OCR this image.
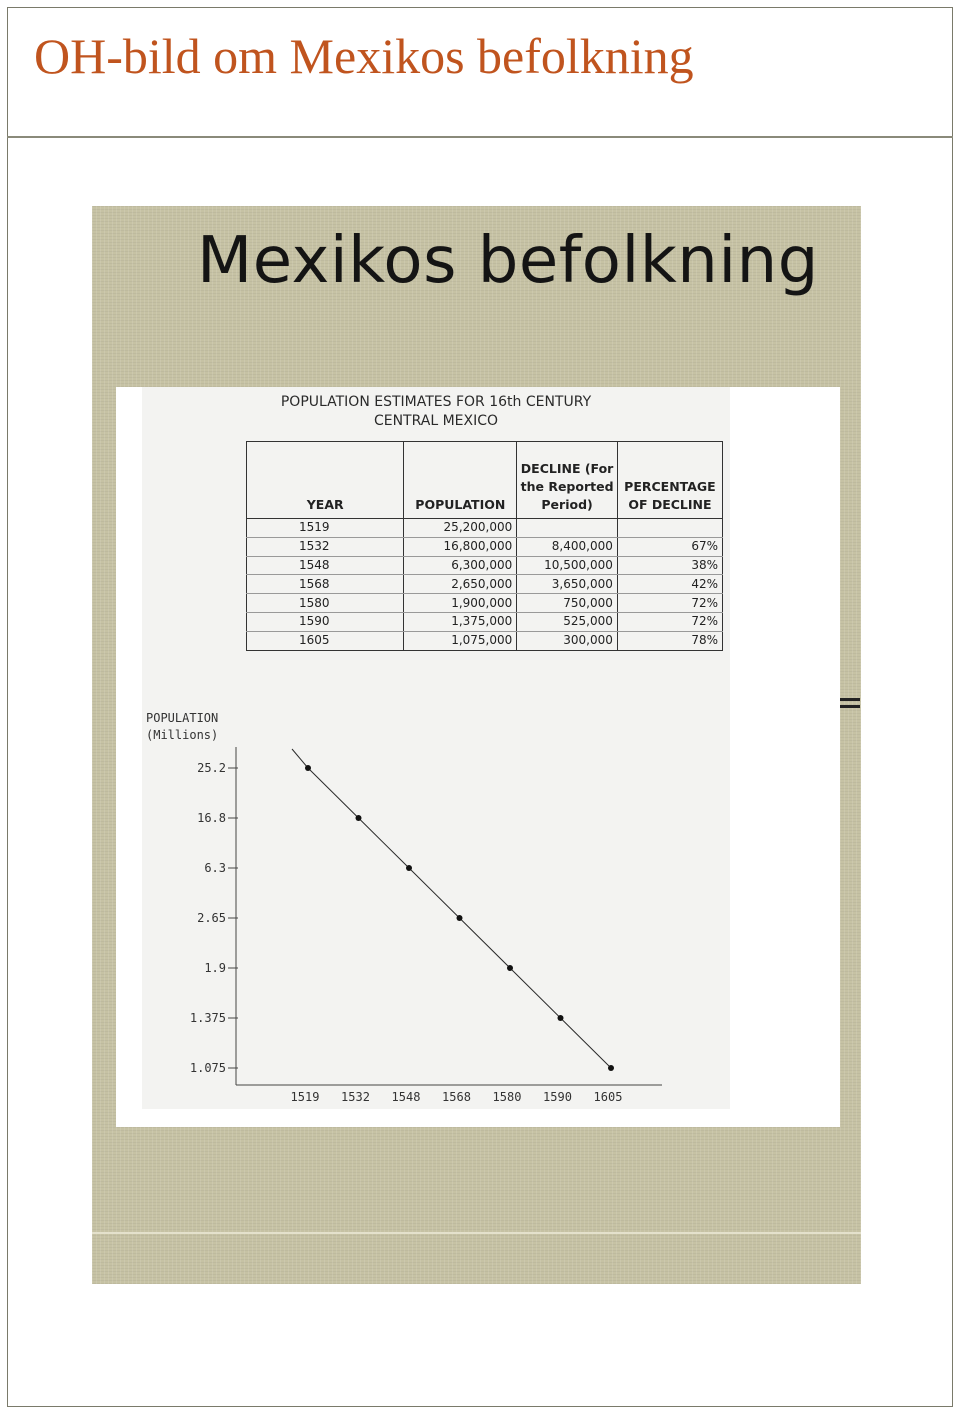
OH-bild om Mexikos befolkning
Mexikos befolkning
POPULATION ESTIMATES FOR 16th CENTURY
CENTRAL MEXICO
YEAR	POPULATION	DECLINE (For the Reported Period)	PERCENTAGE OF DECLINE
1519	25,200,000		
1532	16,800,000	8,400,000	67%
1548	6,300,000	10,500,000	38%
1568	2,650,000	3,650,000	42%
1580	1,900,000	750,000	72%
1590	1,375,000	525,000	72%
1605	1,075,000	300,000	78%
POPULATION
(Millions)
25.2
16.8
6.3
2.65
1.9
1.375
1.075
1519 1532 1548 1568 1580 1590 1605
